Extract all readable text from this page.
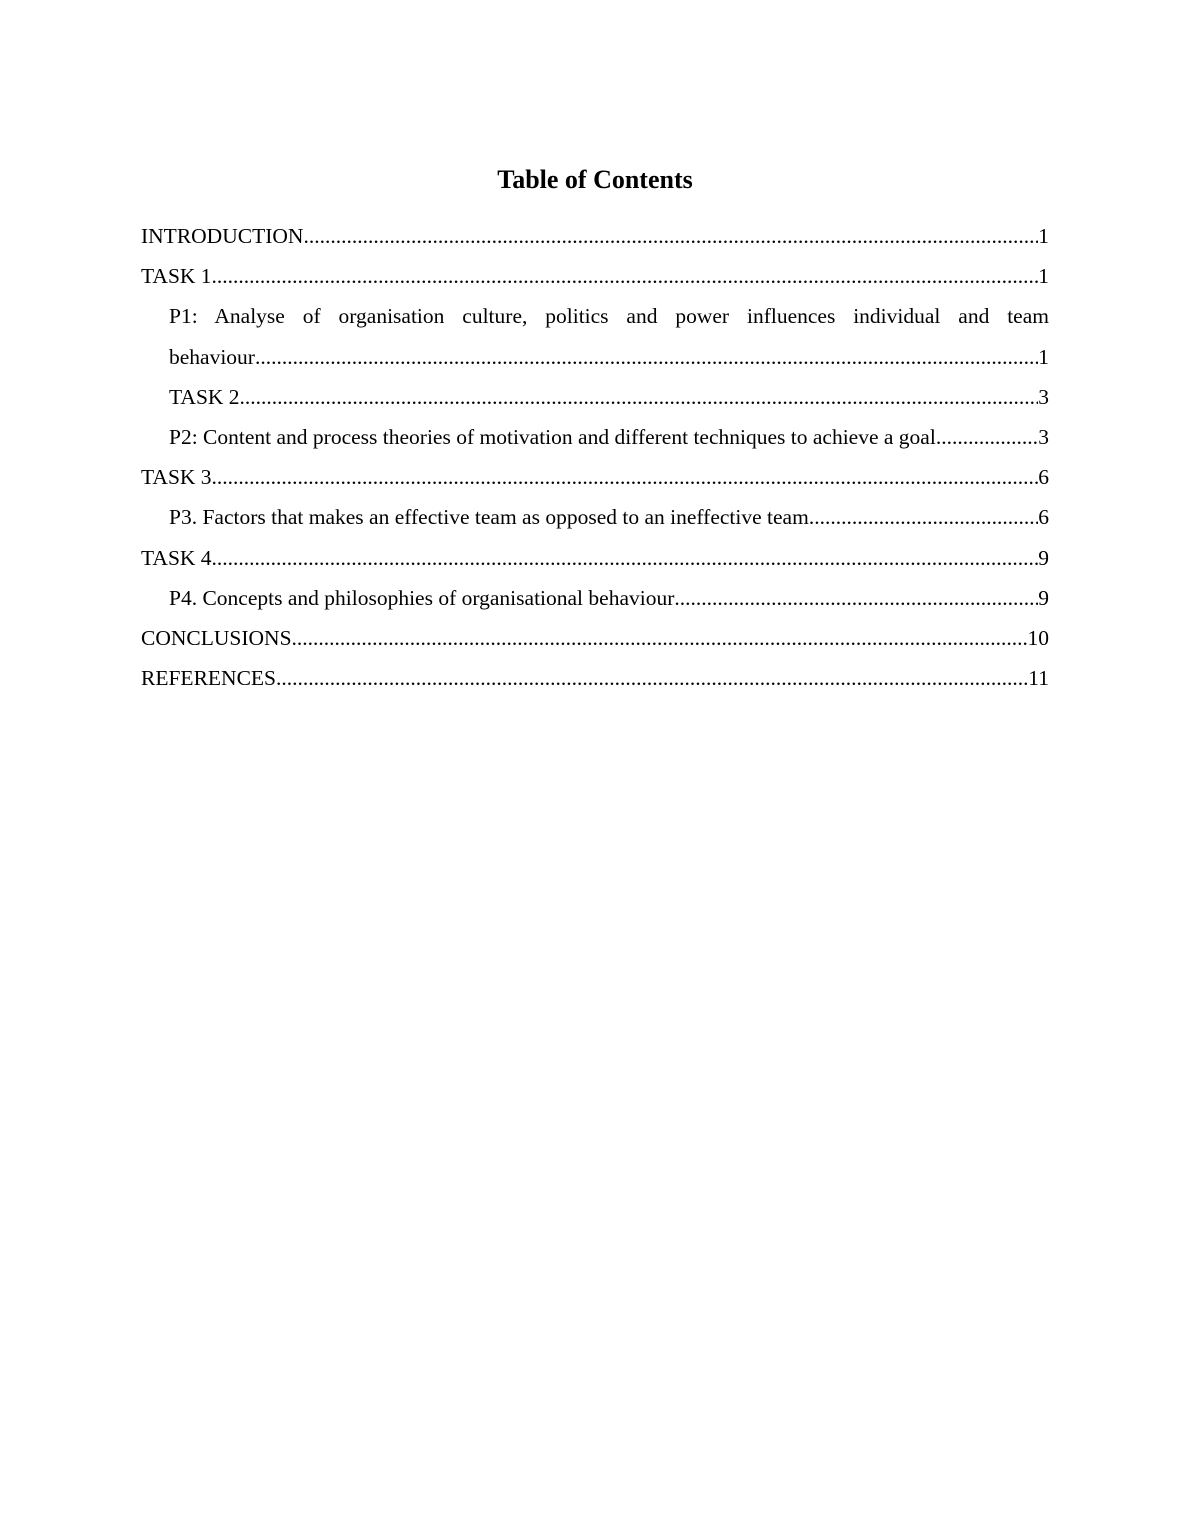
Table of Contents
INTRODUCTION .....	1
TASK 1 .....	1
P1: Analyse of organisation culture, politics and power influences individual and team
behaviour .....	1
TASK 2 .....	3
P2: Content and process theories of motivation and different techniques to achieve a goal .....	3
TASK 3 .....	6
P3. Factors that makes an effective team as opposed to an ineffective team .....	6
TASK 4 .....	9
P4. Concepts and philosophies of organisational behaviour .....	9
CONCLUSIONS .....	10
REFERENCES .....	11
